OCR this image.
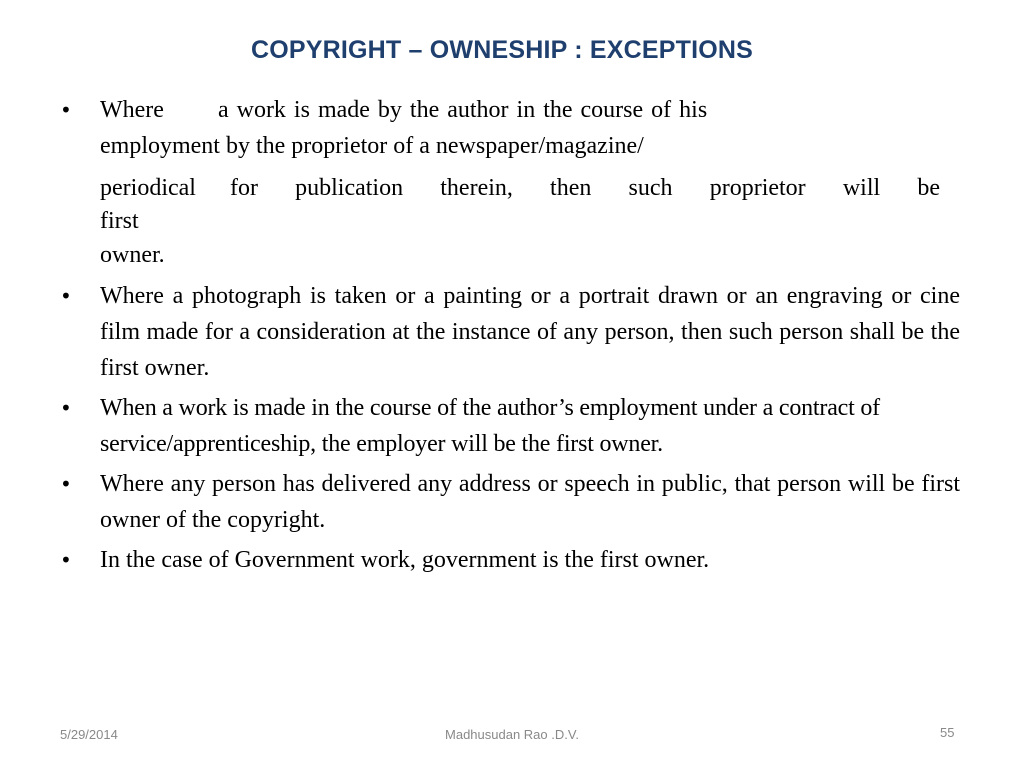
COPYRIGHT – OWNESHIP : EXCEPTIONS
• Where a work is made by the author in the course of his
employment by the proprietor of a newspaper/magazine/
periodical for publication therein, then such proprietor will be
first
owner.
• Where a photograph is taken or a painting or a portrait drawn or an engraving or cine film made for a consideration at the instance of any person, then such person shall be the first owner.
• When a work is made in the course of the author’s employment under a contract of service/apprenticeship, the employer will be the first owner.
• Where any person has delivered any address or speech in public, that person will be first owner of the copyright.
• In the case of Government work, government is the first owner.
5/29/2014	Madhusudan Rao .D.V.	55
